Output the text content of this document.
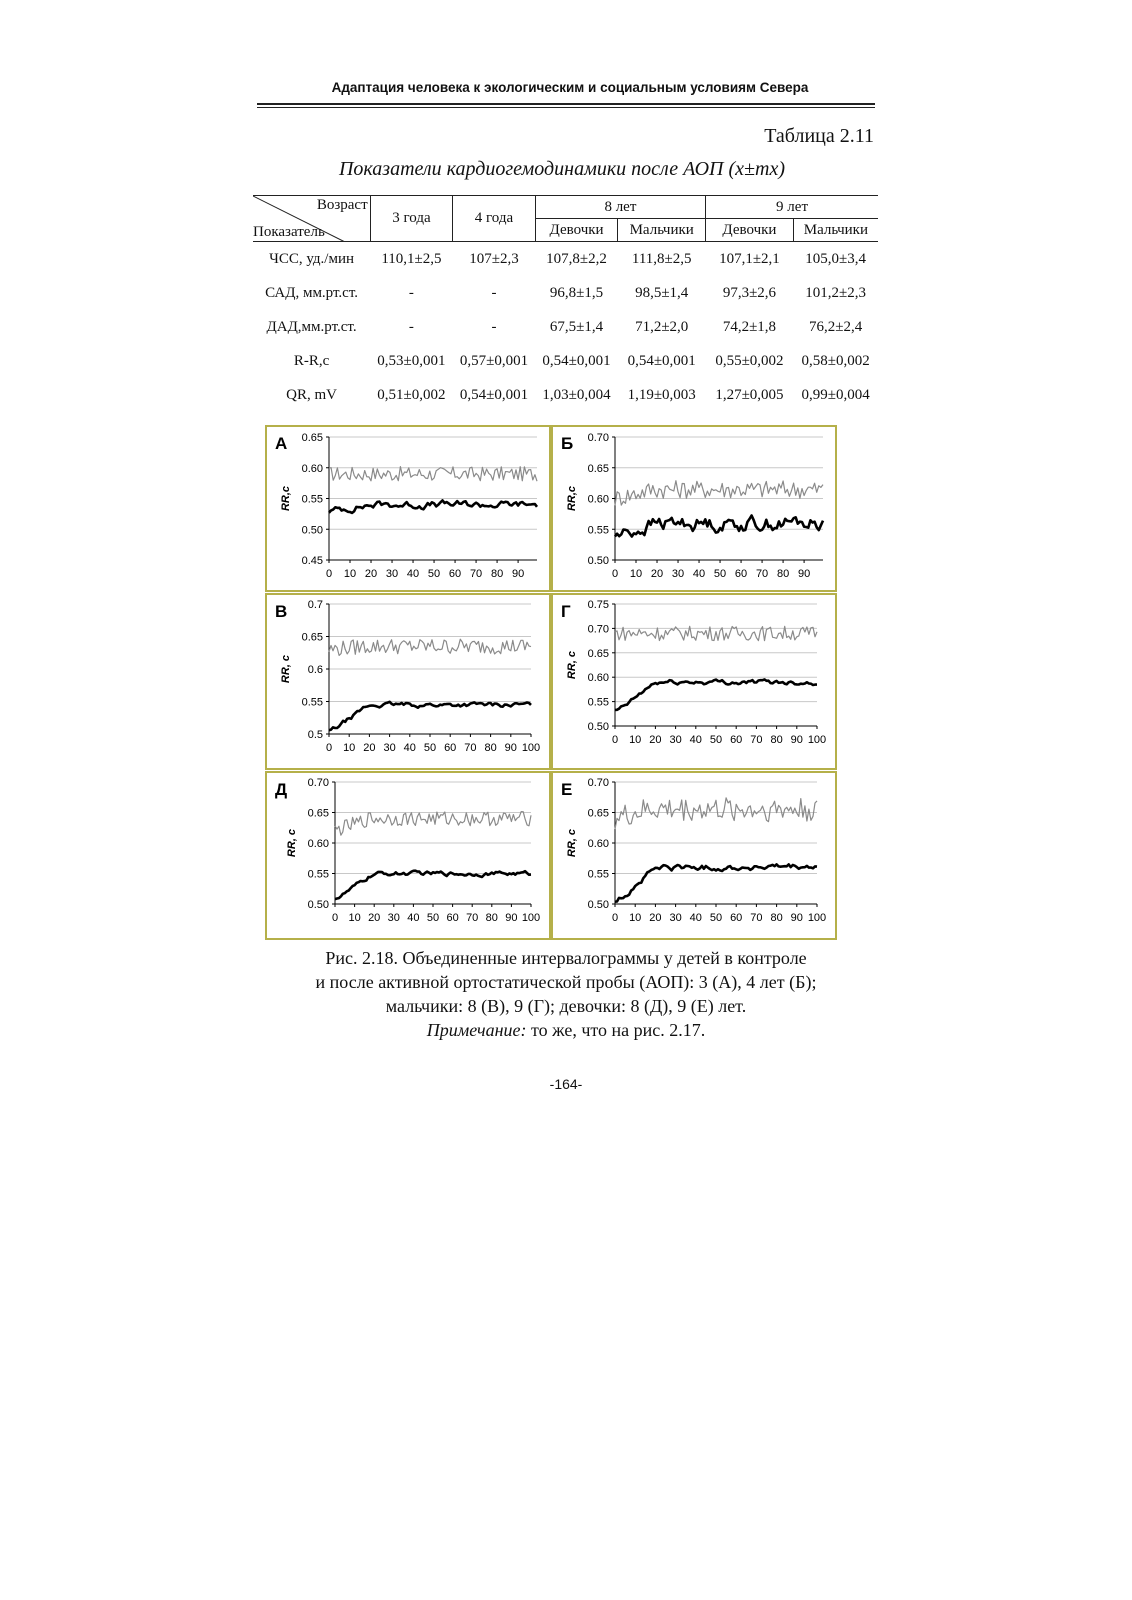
Адаптация человека к экологическим и социальным условиям Севера
Таблица 2.11
Показатели кардиогемодинамики после АОП (x±mx)
Возраст
Показатель	3 года	4 года	8 лет		9 лет	
			Девочки	Мальчики	Девочки	Мальчики
ЧСС, уд./мин	110,1±2,5	107±2,3	107,8±2,2	111,8±2,5	107,1±2,1	105,0±3,4
САД, мм.рт.ст.	-	-	96,8±1,5	98,5±1,4	97,3±2,6	101,2±2,3
ДАД,мм.рт.ст.	-	-	67,5±1,4	71,2±2,0	74,2±1,8	76,2±2,4
R-R,с	0,53±0,001	0,57±0,001	0,54±0,001	0,54±0,001	0,55±0,002	0,58±0,002
QR, mV	0,51±0,002	0,54±0,001	1,03±0,004	1,19±0,003	1,27±0,005	0,99±0,004
А
0.45
0.50
0.55
0.60
0.65
0 10 20 30 40 50 60 70 80 90
RR,c
Б
0.50
0.55
0.60
0.65
0.70
0 10 20 30 40 50 60 70 80 90
RR,c
В
0.5
0.55
0.6
0.65
0.7
0 10 20 30 40 50 60 70 80 90 100
RR, c
Г
0.50
0.55
0.60
0.65
0.70
0.75
0 10 20 30 40 50 60 70 80 90 100
RR, c
Д
0.50
0.55
0.60
0.65
0.70
0 10 20 30 40 50 60 70 80 90 100
RR, c
Е
0.50
0.55
0.60
0.65
0.70
0 10 20 30 40 50 60 70 80 90 100
RR, c
Рис. 2.18. Объединенные интервалограммы у детей в контроле
и после активной ортостатической пробы (АОП): 3 (А), 4 лет (Б);
мальчики: 8 (В), 9 (Г); девочки: 8 (Д), 9 (Е) лет.
Примечание: то же, что на рис. 2.17.
-164-
